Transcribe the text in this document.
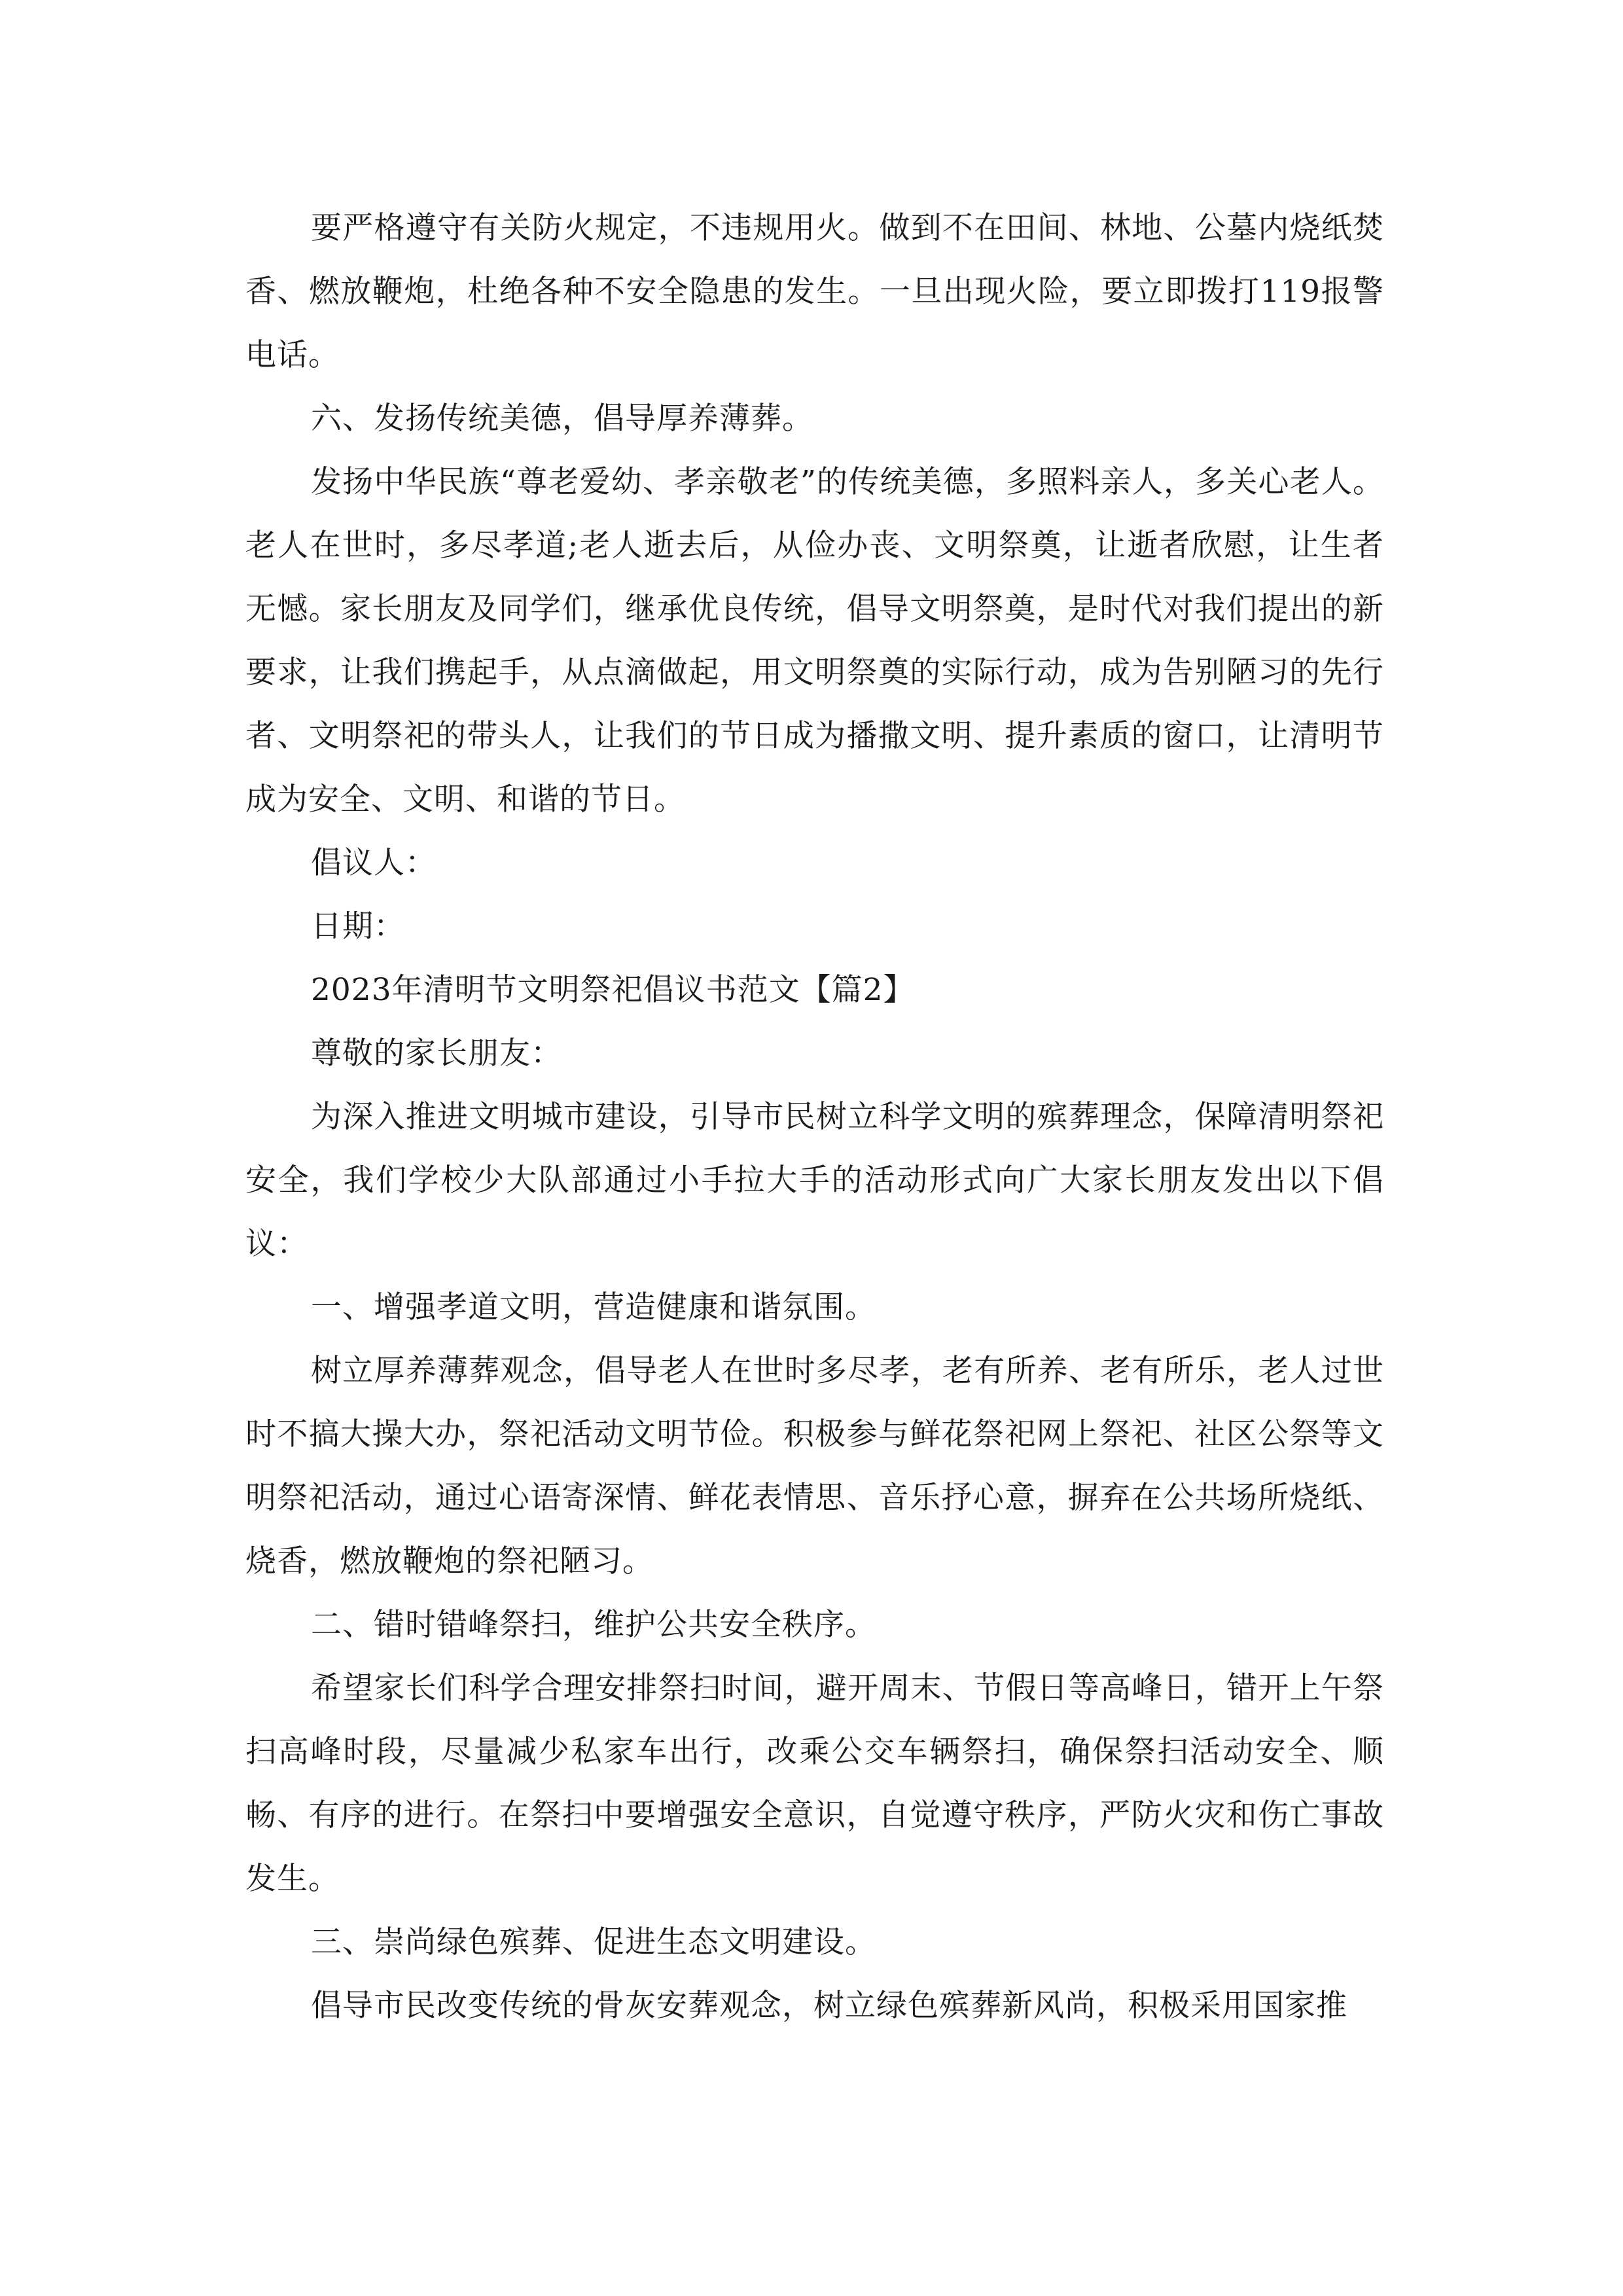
要严格遵守有关防火规定，不违规用火。做到不在田间、林地、公墓内烧纸焚香、燃放鞭炮，杜绝各种不安全隐患的发生。一旦出现火险，要立即拨打119报警电话。

六、发扬传统美德，倡导厚养薄葬。

发扬中华民族“尊老爱幼、孝亲敬老”的传统美德，多照料亲人，多关心老人。老人在世时，多尽孝道;老人逝去后，从俭办丧、文明祭奠，让逝者欣慰，让生者无憾。家长朋友及同学们，继承优良传统，倡导文明祭奠，是时代对我们提出的新要求，让我们携起手，从点滴做起，用文明祭奠的实际行动，成为告别陋习的先行者、文明祭祀的带头人，让我们的节日成为播撒文明、提升素质的窗口，让清明节成为安全、文明、和谐的节日。

倡议人：

日期：

2023年清明节文明祭祀倡议书范文【篇2】

尊敬的家长朋友：

为深入推进文明城市建设，引导市民树立科学文明的殡葬理念，保障清明祭祀安全，我们学校少大队部通过小手拉大手的活动形式向广大家长朋友发出以下倡议：

一、增强孝道文明，营造健康和谐氛围。

树立厚养薄葬观念，倡导老人在世时多尽孝，老有所养、老有所乐，老人过世时不搞大操大办，祭祀活动文明节俭。积极参与鲜花祭祀网上祭祀、社区公祭等文明祭祀活动，通过心语寄深情、鲜花表情思、音乐抒心意，摒弃在公共场所烧纸、烧香，燃放鞭炮的祭祀陋习。

二、错时错峰祭扫，维护公共安全秩序。

希望家长们科学合理安排祭扫时间，避开周末、节假日等高峰日，错开上午祭扫高峰时段，尽量减少私家车出行，改乘公交车辆祭扫，确保祭扫活动安全、顺畅、有序的进行。在祭扫中要增强安全意识，自觉遵守秩序，严防火灾和伤亡事故发生。

三、崇尚绿色殡葬、促进生态文明建设。

倡导市民改变传统的骨灰安葬观念，树立绿色殡葬新风尚，积极采用国家推
